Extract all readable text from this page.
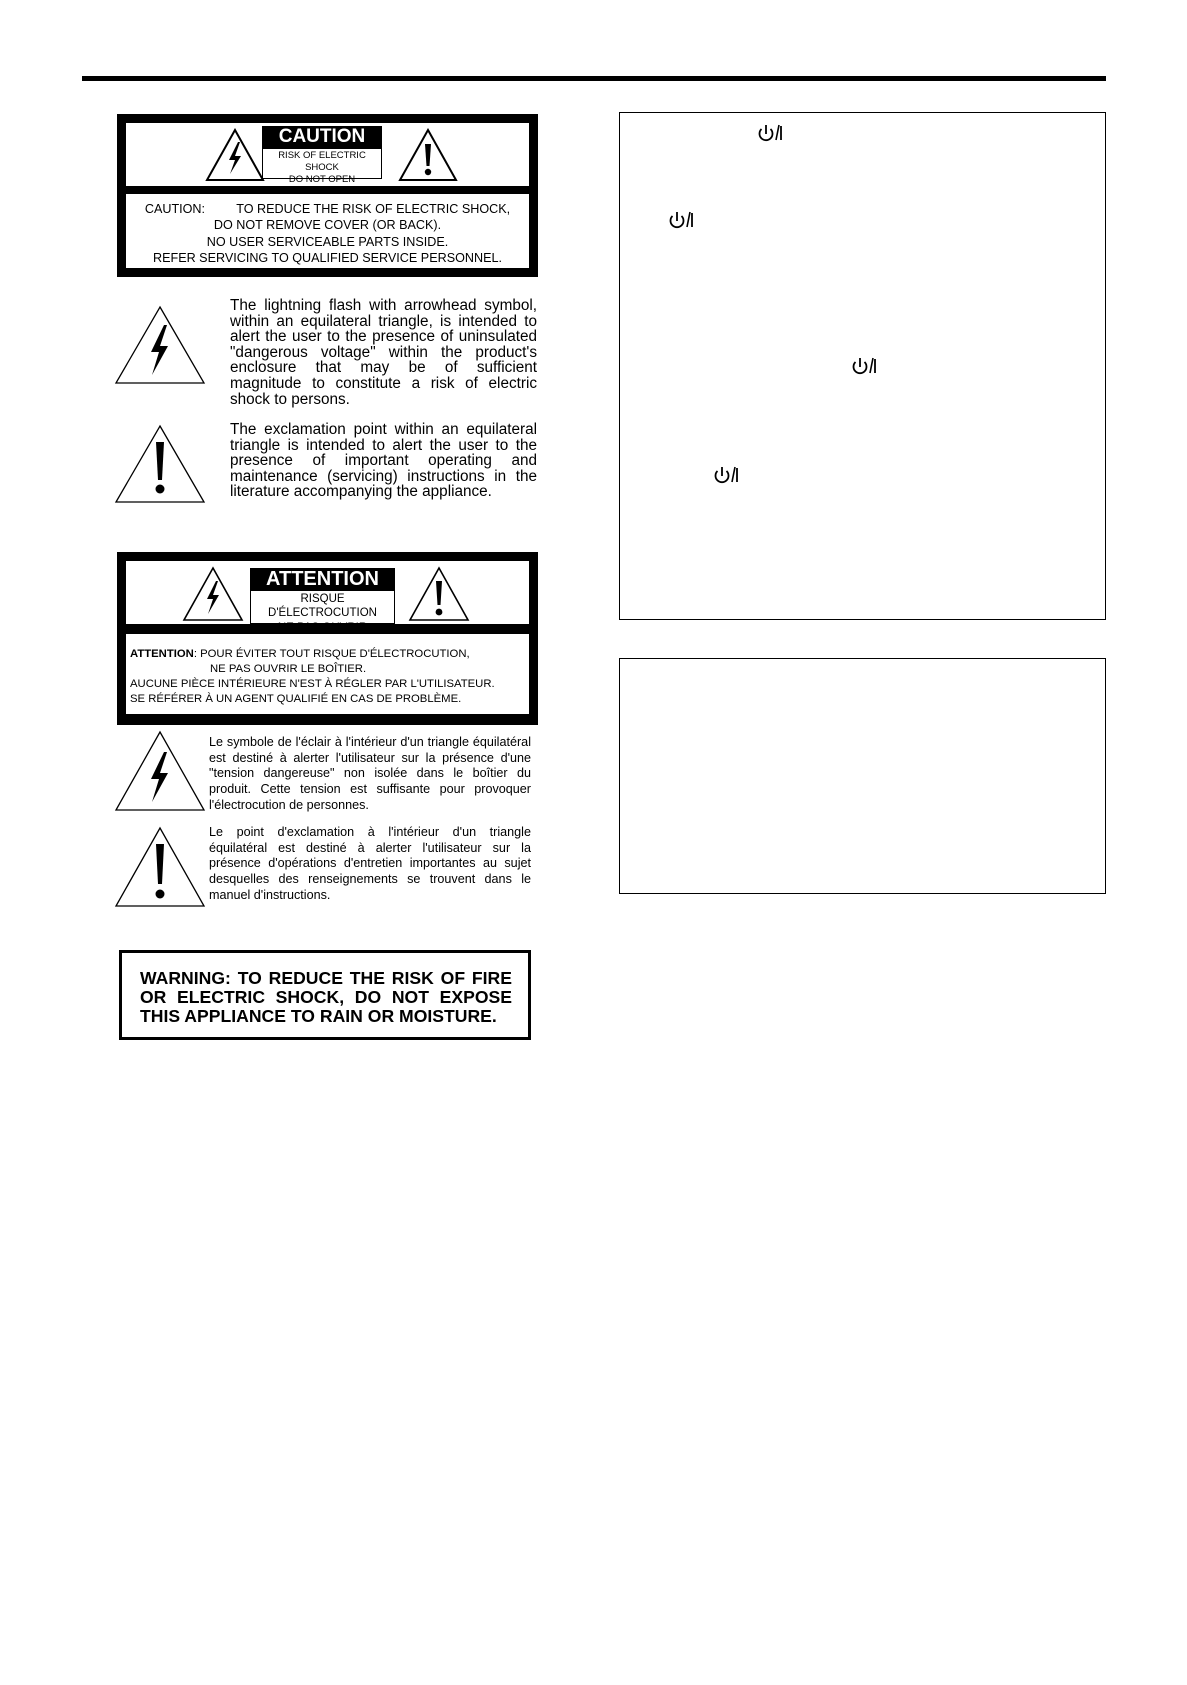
CAUTION
RISK OF ELECTRIC SHOCK
DO NOT OPEN
CAUTION:         TO REDUCE THE RISK OF ELECTRIC SHOCK,
DO NOT REMOVE COVER (OR BACK).
NO USER SERVICEABLE PARTS INSIDE.
REFER SERVICING TO QUALIFIED SERVICE PERSONNEL.
The lightning flash with arrowhead symbol, within an equilateral triangle, is intended to alert the user to the presence of uninsulated "dangerous voltage" within the product's enclosure that may be of sufficient magnitude to constitute a risk of electric shock to persons.
The exclamation point within an equilateral triangle is intended to alert the user to the presence of important operating and maintenance (servicing) instructions in the literature accompanying the appliance.
ATTENTION
RISQUE D'ÉLECTROCUTION
NE PAS OUVRIR
ATTENTION: POUR ÉVITER TOUT RISQUE D'ÉLECTROCUTION,
NE PAS OUVRIR LE BOÎTIER.
AUCUNE PIÈCE INTÉRIEURE N'EST À RÉGLER PAR L'UTILISATEUR.
SE RÉFÉRER À UN AGENT QUALIFIÉ EN CAS DE PROBLÈME.
Le symbole de l'éclair à l'intérieur d'un triangle équilatéral est destiné à alerter l'utilisateur sur la présence d'une "tension dangereuse" non isolée dans le boîtier du produit. Cette tension est suffisante pour provoquer l'électrocution de personnes.
Le point d'exclamation à l'intérieur d'un triangle équilatéral est destiné à alerter l'utilisateur sur la présence d'opérations d'entretien importantes au sujet desquelles des renseignements se trouvent dans le manuel d'instructions.
WARNING: TO REDUCE THE RISK OF FIRE OR ELECTRIC SHOCK, DO NOT EXPOSE THIS APPLIANCE TO RAIN OR MOISTURE.
